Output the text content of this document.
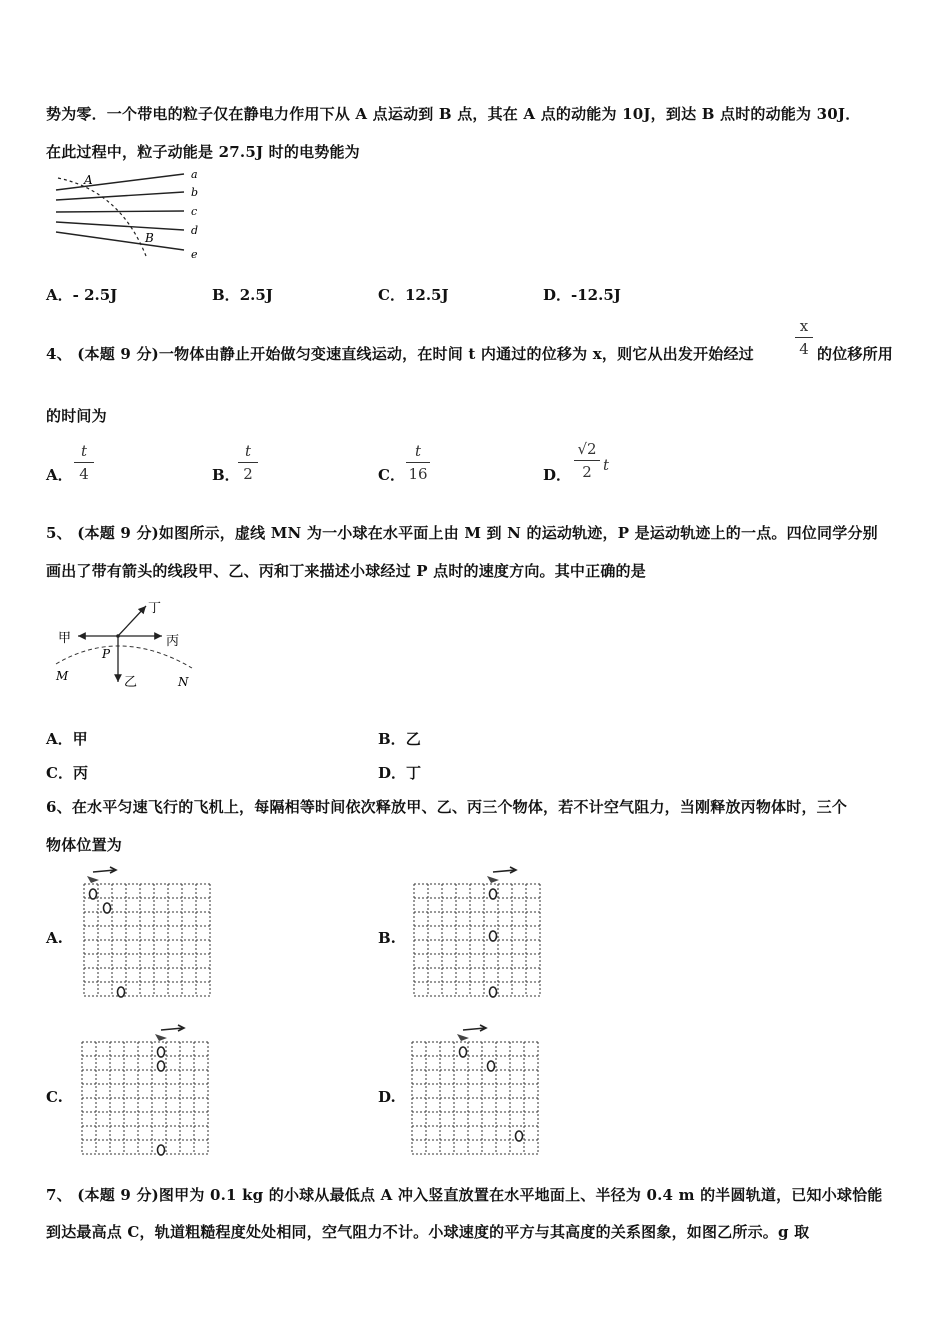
势为零．一个带电的粒子仅在静电力作用下从 A 点运动到 B 点，其在 A 点的动能为 10J，到达 B 点时的动能为 30J．
在此过程中，粒子动能是 27.5J 时的电势能为
A
B
a
b
c
d
e
A．- 2.5J	B．2.5J	C．12.5J	D．-12.5J
4、 (本题 9 分)一物体由静止开始做匀变速直线运动，在时间 t 内通过的位移为 x，则它从出发开始经过
x
4 的位移所用
的时间为
A．
t
4	B．
t
2	C．
t
16	D．
√2
2 t
5、 (本题 9 分)如图所示，虚线 MN 为一小球在水平面上由 M 到 N 的运动轨迹，P 是运动轨迹上的一点。四位同学分别
画出了带有箭头的线段甲、乙、丙和丁来描述小球经过 P 点时的速度方向。其中正确的是
甲	丙
丁
乙
P
M	N
A．甲	B．乙
C．丙	D．丁
6、在水平匀速飞行的飞机上，每隔相等时间依次释放甲、乙、丙三个物体，若不计空气阻力，当刚释放丙物体时，三个
物体位置为
A.	B.
C.	D.
7、 (本题 9 分)图甲为 0.1 kg 的小球从最低点 A 冲入竖直放置在水平地面上、半径为 0.4 m 的半圆轨道，已知小球恰能
到达最高点 C，轨道粗糙程度处处相同，空气阻力不计。小球速度的平方与其高度的关系图象，如图乙所示。g 取
